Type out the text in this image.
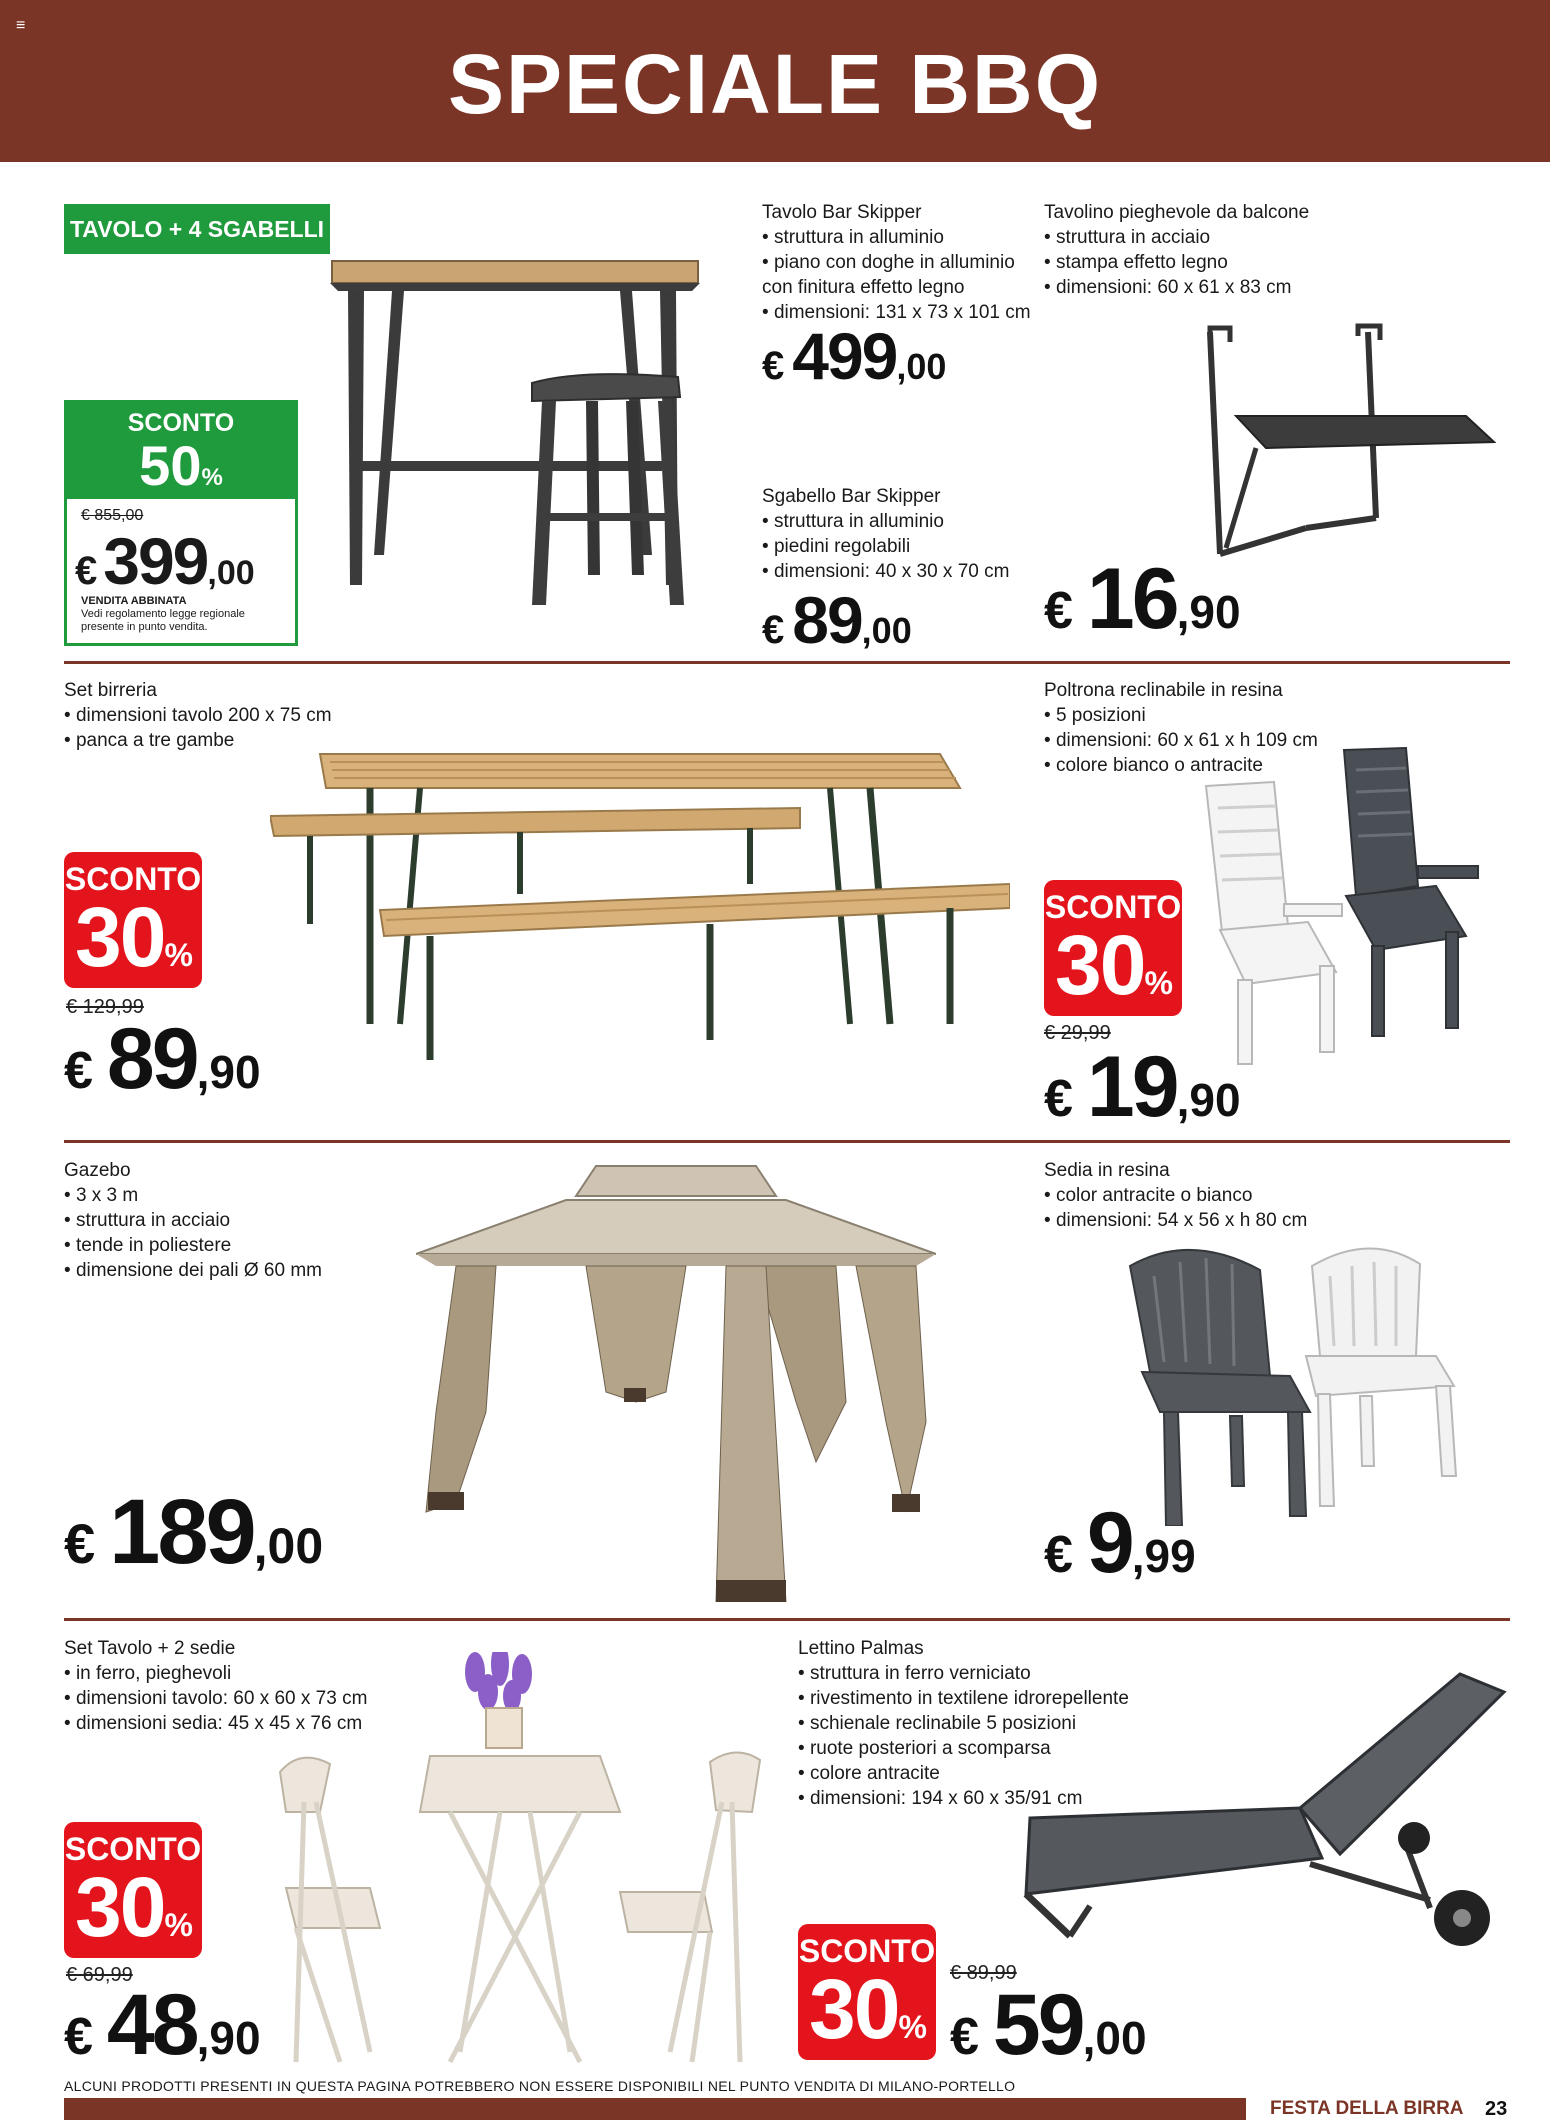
≡
SPECIALE BBQ
TAVOLO + 4 SGABELLI
SCONTO
50%
€ 855,00
€399,00
VENDITA ABBINATA
Vedi regolamento legge regionale presente in punto vendita.
Tavolo Bar Skipper
• struttura in alluminio
• piano con doghe in alluminio con finitura effetto legno
• dimensioni: 131 x 73 x 101 cm
€ 499,00
Sgabello Bar Skipper
• struttura in alluminio
• piedini regolabili
• dimensioni: 40 x 30 x 70 cm
€ 89,00
Tavolino pieghevole da balcone
• struttura in acciaio
• stampa effetto legno
• dimensioni: 60 x 61 x 83 cm
€ 16,90
Set birreria
• dimensioni tavolo 200 x 75 cm
• panca a tre gambe
SCONTO
30%
€ 129,99
€ 89,90
Poltrona reclinabile in resina
• 5 posizioni
• dimensioni: 60 x 61 x h 109 cm
• colore bianco o antracite
SCONTO
30%
€ 29,99
€ 19,90
Gazebo
• 3 x 3 m
• struttura in acciaio
• tende in poliestere
• dimensione dei pali Ø 60 mm
€ 189,00
Sedia in resina
• color antracite o bianco
• dimensioni: 54 x 56 x h 80 cm
€ 9,99
Set Tavolo + 2 sedie
• in ferro, pieghevoli
• dimensioni tavolo: 60 x 60 x 73 cm
• dimensioni sedia: 45 x 45 x 76 cm
SCONTO
30%
€ 69,99
€ 48,90
Lettino Palmas
• struttura in ferro verniciato
• rivestimento in textilene idrorepellente
• schienale reclinabile 5 posizioni
• ruote posteriori a scomparsa
• colore antracite
• dimensioni: 194 x 60 x 35/91 cm
SCONTO
30%
€ 89,99
€ 59,00
ALCUNI PRODOTTI PRESENTI IN QUESTA PAGINA POTREBBERO NON ESSERE DISPONIBILI NEL PUNTO VENDITA DI MILANO-PORTELLO
FESTA DELLA BIRRA 23
